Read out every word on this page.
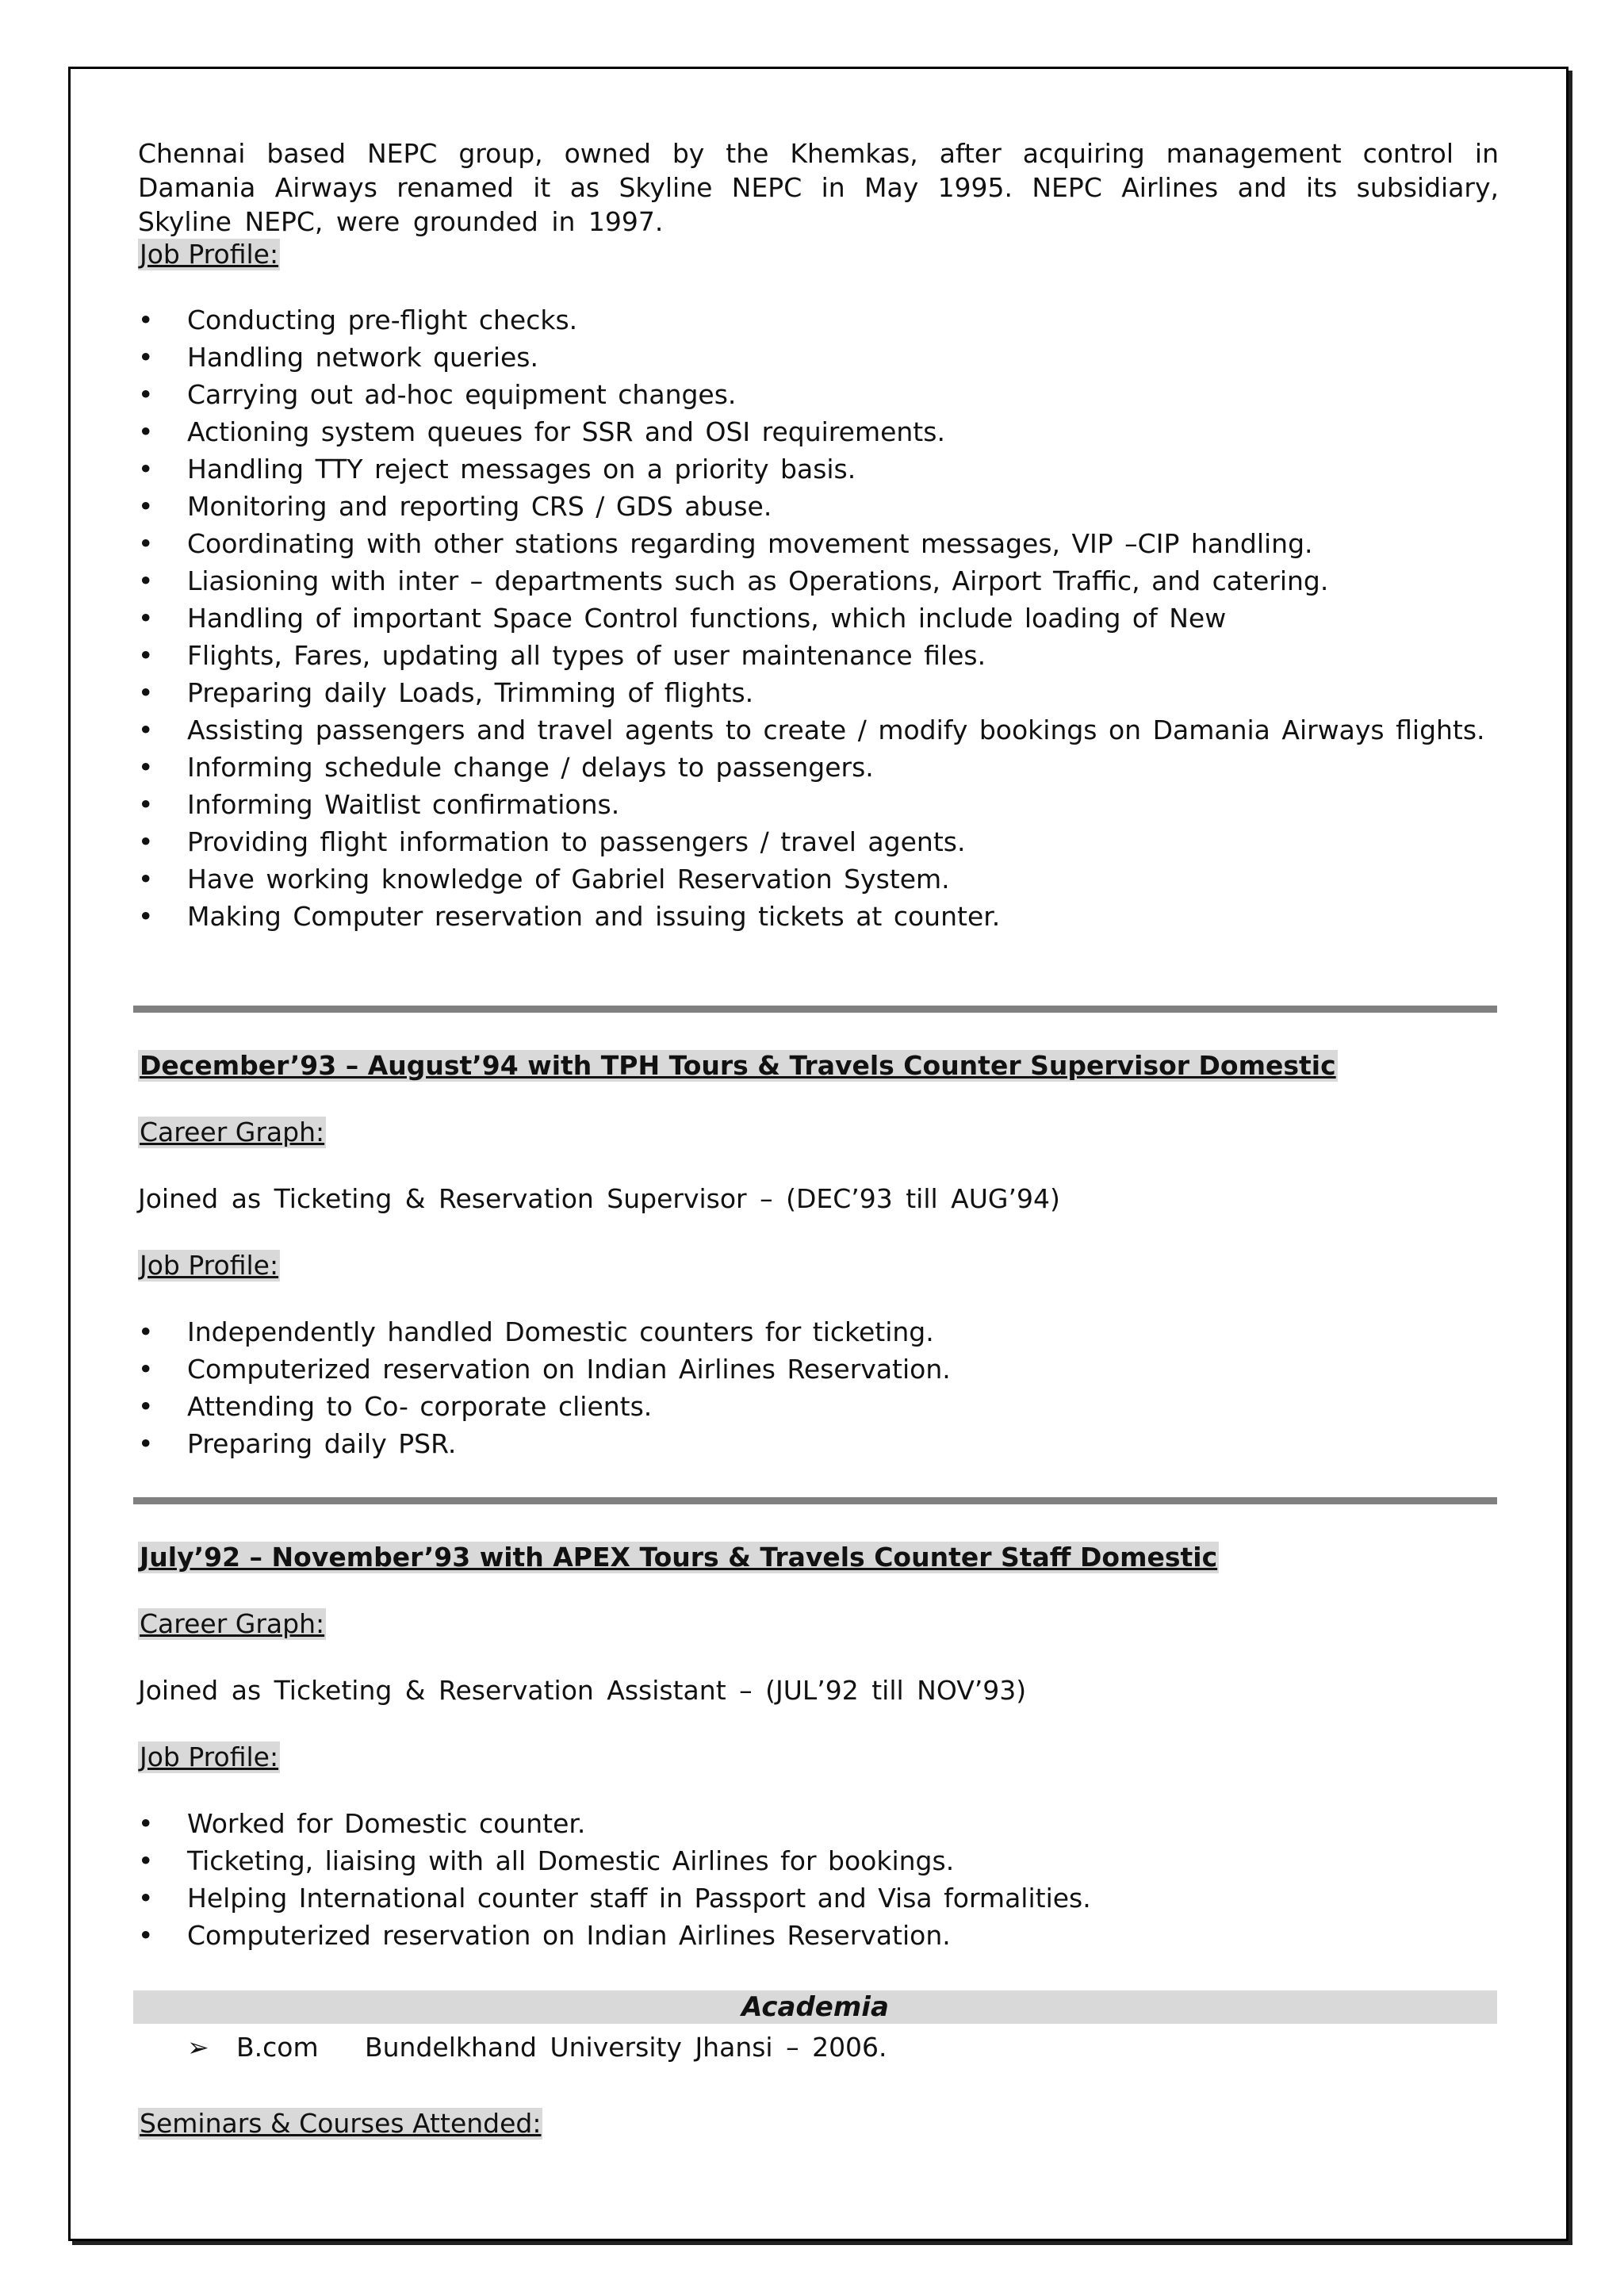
Chennai based NEPC group, owned by the Khemkas, after acquiring management control in Damania Airways renamed it as Skyline NEPC in May 1995. NEPC Airlines and its subsidiary, Skyline NEPC, were grounded in 1997.

Job Profile:
• Conducting pre-flight checks.
• Handling network queries.
• Carrying out ad-hoc equipment changes.
• Actioning system queues for SSR and OSI requirements.
• Handling TTY reject messages on a priority basis.
• Monitoring and reporting CRS / GDS abuse.
• Coordinating with other stations regarding movement messages, VIP –CIP handling.
• Liasioning with inter – departments such as Operations, Airport Traffic, and catering.
• Handling of important Space Control functions, which include loading of New
• Flights, Fares, updating all types of user maintenance files.
• Preparing daily Loads, Trimming of flights.
• Assisting passengers and travel agents to create / modify bookings on Damania Airways flights.
• Informing schedule change / delays to passengers.
• Informing Waitlist confirmations.
• Providing flight information to passengers / travel agents.
• Have working knowledge of Gabriel Reservation System.
• Making Computer reservation and issuing tickets at counter.
December’93 – August’94 with TPH Tours & Travels Counter Supervisor Domestic
Career Graph:
Joined as Ticketing & Reservation Supervisor – (DEC’93 till AUG’94)
Job Profile:
• Independently handled Domestic counters for ticketing.
• Computerized reservation on Indian Airlines Reservation.
• Attending to Co- corporate clients.
• Preparing daily PSR.
July’92 – November’93 with APEX Tours & Travels Counter Staff Domestic
Career Graph:
Joined as Ticketing & Reservation Assistant – (JUL’92 till NOV’93)
Job Profile:
• Worked for Domestic counter.
• Ticketing, liaising with all Domestic Airlines for bookings.
• Helping International counter staff in Passport and Visa formalities.
• Computerized reservation on Indian Airlines Reservation.
Academia
➢ B.com Bundelkhand University Jhansi – 2006.
Seminars & Courses Attended:
